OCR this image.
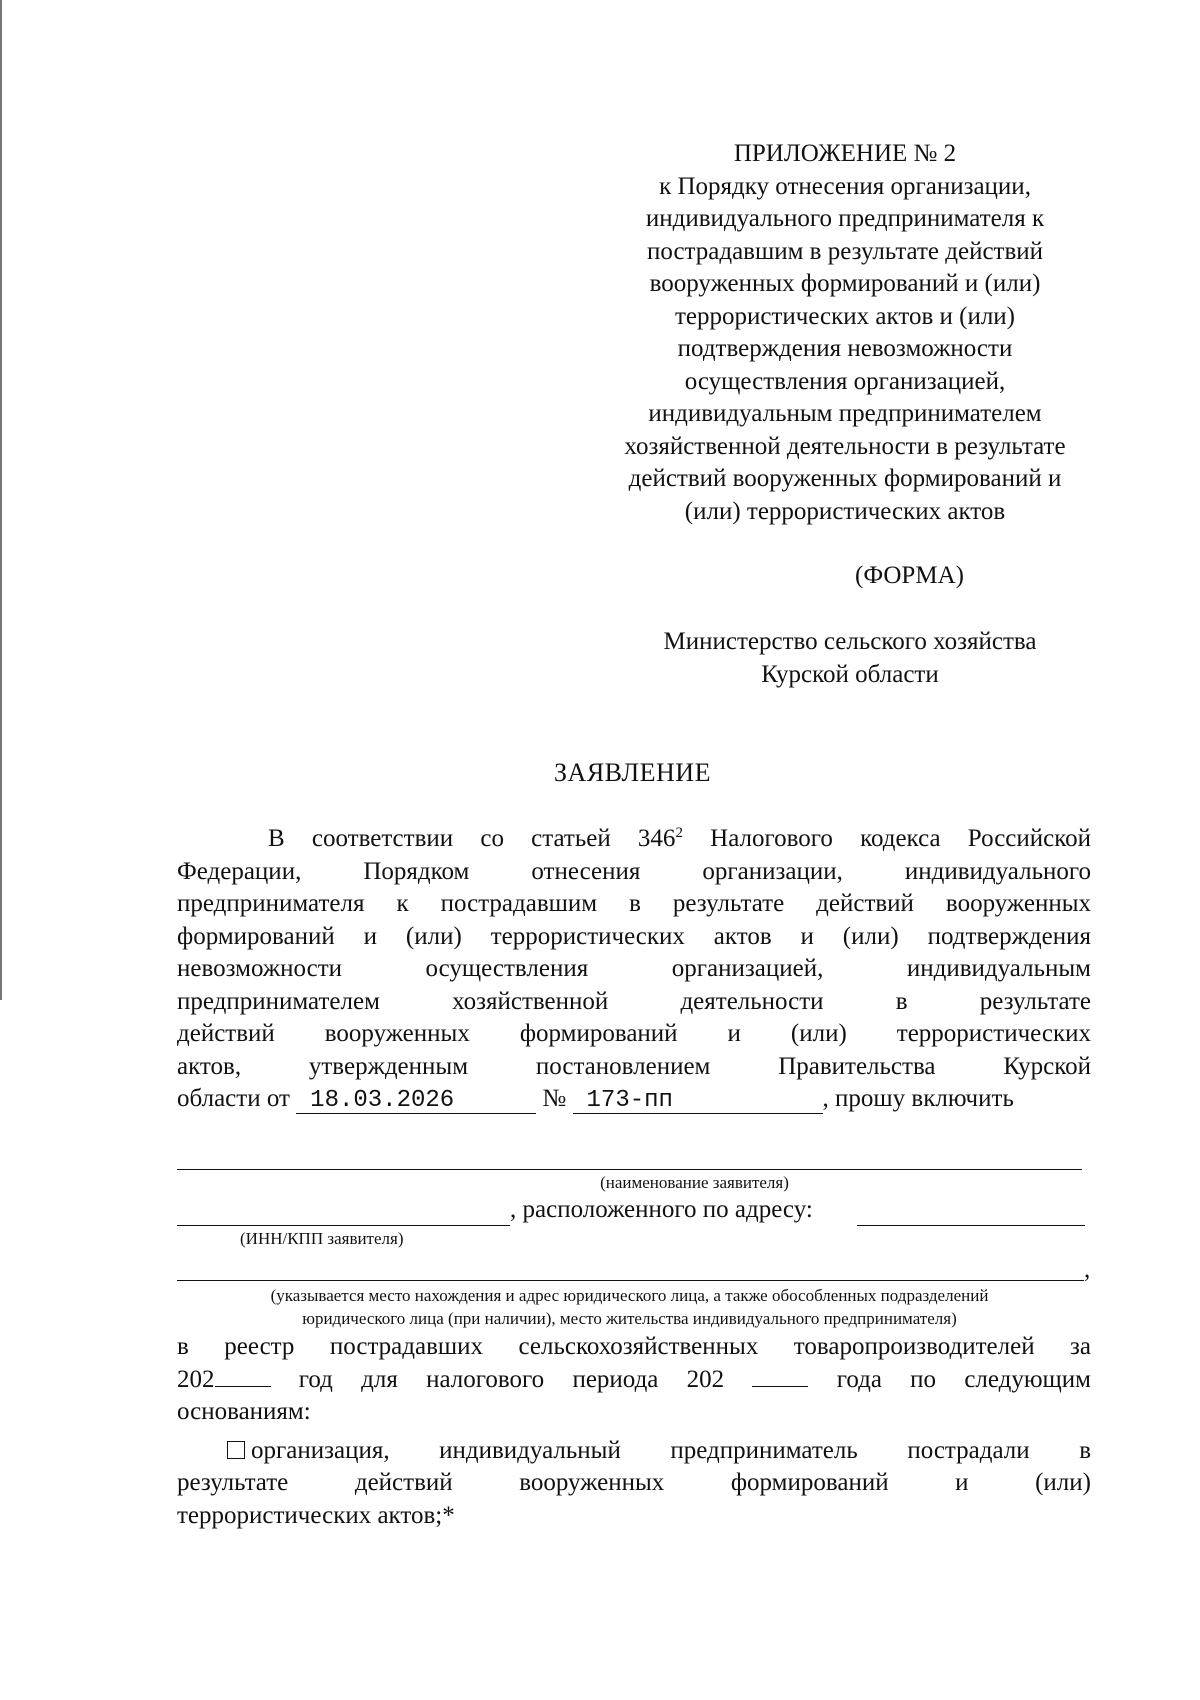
ПРИЛОЖЕНИЕ № 2
к Порядку отнесения организации,
индивидуального предпринимателя к
пострадавшим в результате действий
вооруженных формирований и (или)
террористических актов и (или)
подтверждения невозможности
осуществления организацией,
индивидуальным предпринимателем
хозяйственной деятельности в результате
действий вооруженных формирований и
(или) террористических актов
(ФОРМА)
Министерство сельского хозяйства
Курской области
ЗАЯВЛЕНИЕ
В соответствии со статьей $346^2$ Налогового кодекса Российской
Федерации, Порядком отнесения организации, индивидуального
предпринимателя к пострадавшим в результате действий вооруженных
формирований и (или) террористических актов и (или) подтверждения
невозможности осуществления организацией, индивидуальным
предпринимателем хозяйственной деятельности в результате
действий вооруженных формирований и (или) террористических
актов, утвержденным постановлением Правительства Курской
области от 18.03.2026	№ 173-пп	, прошу включить
(наименование заявителя)
, расположенного по адресу:
(ИНН/КПП заявителя)
,
(указывается место нахождения и адрес юридического лица, а также обособленных подразделений
юридического лица (при наличии), место жительства индивидуального предпринимателя)
в реестр пострадавших сельскохозяйственных товаропроизводителей за
202	год для налогового периода 202	года по следующим
основаниям:
организация, индивидуальный предприниматель пострадали в
результате действий вооруженных формирований и (или)
террористических актов;*
